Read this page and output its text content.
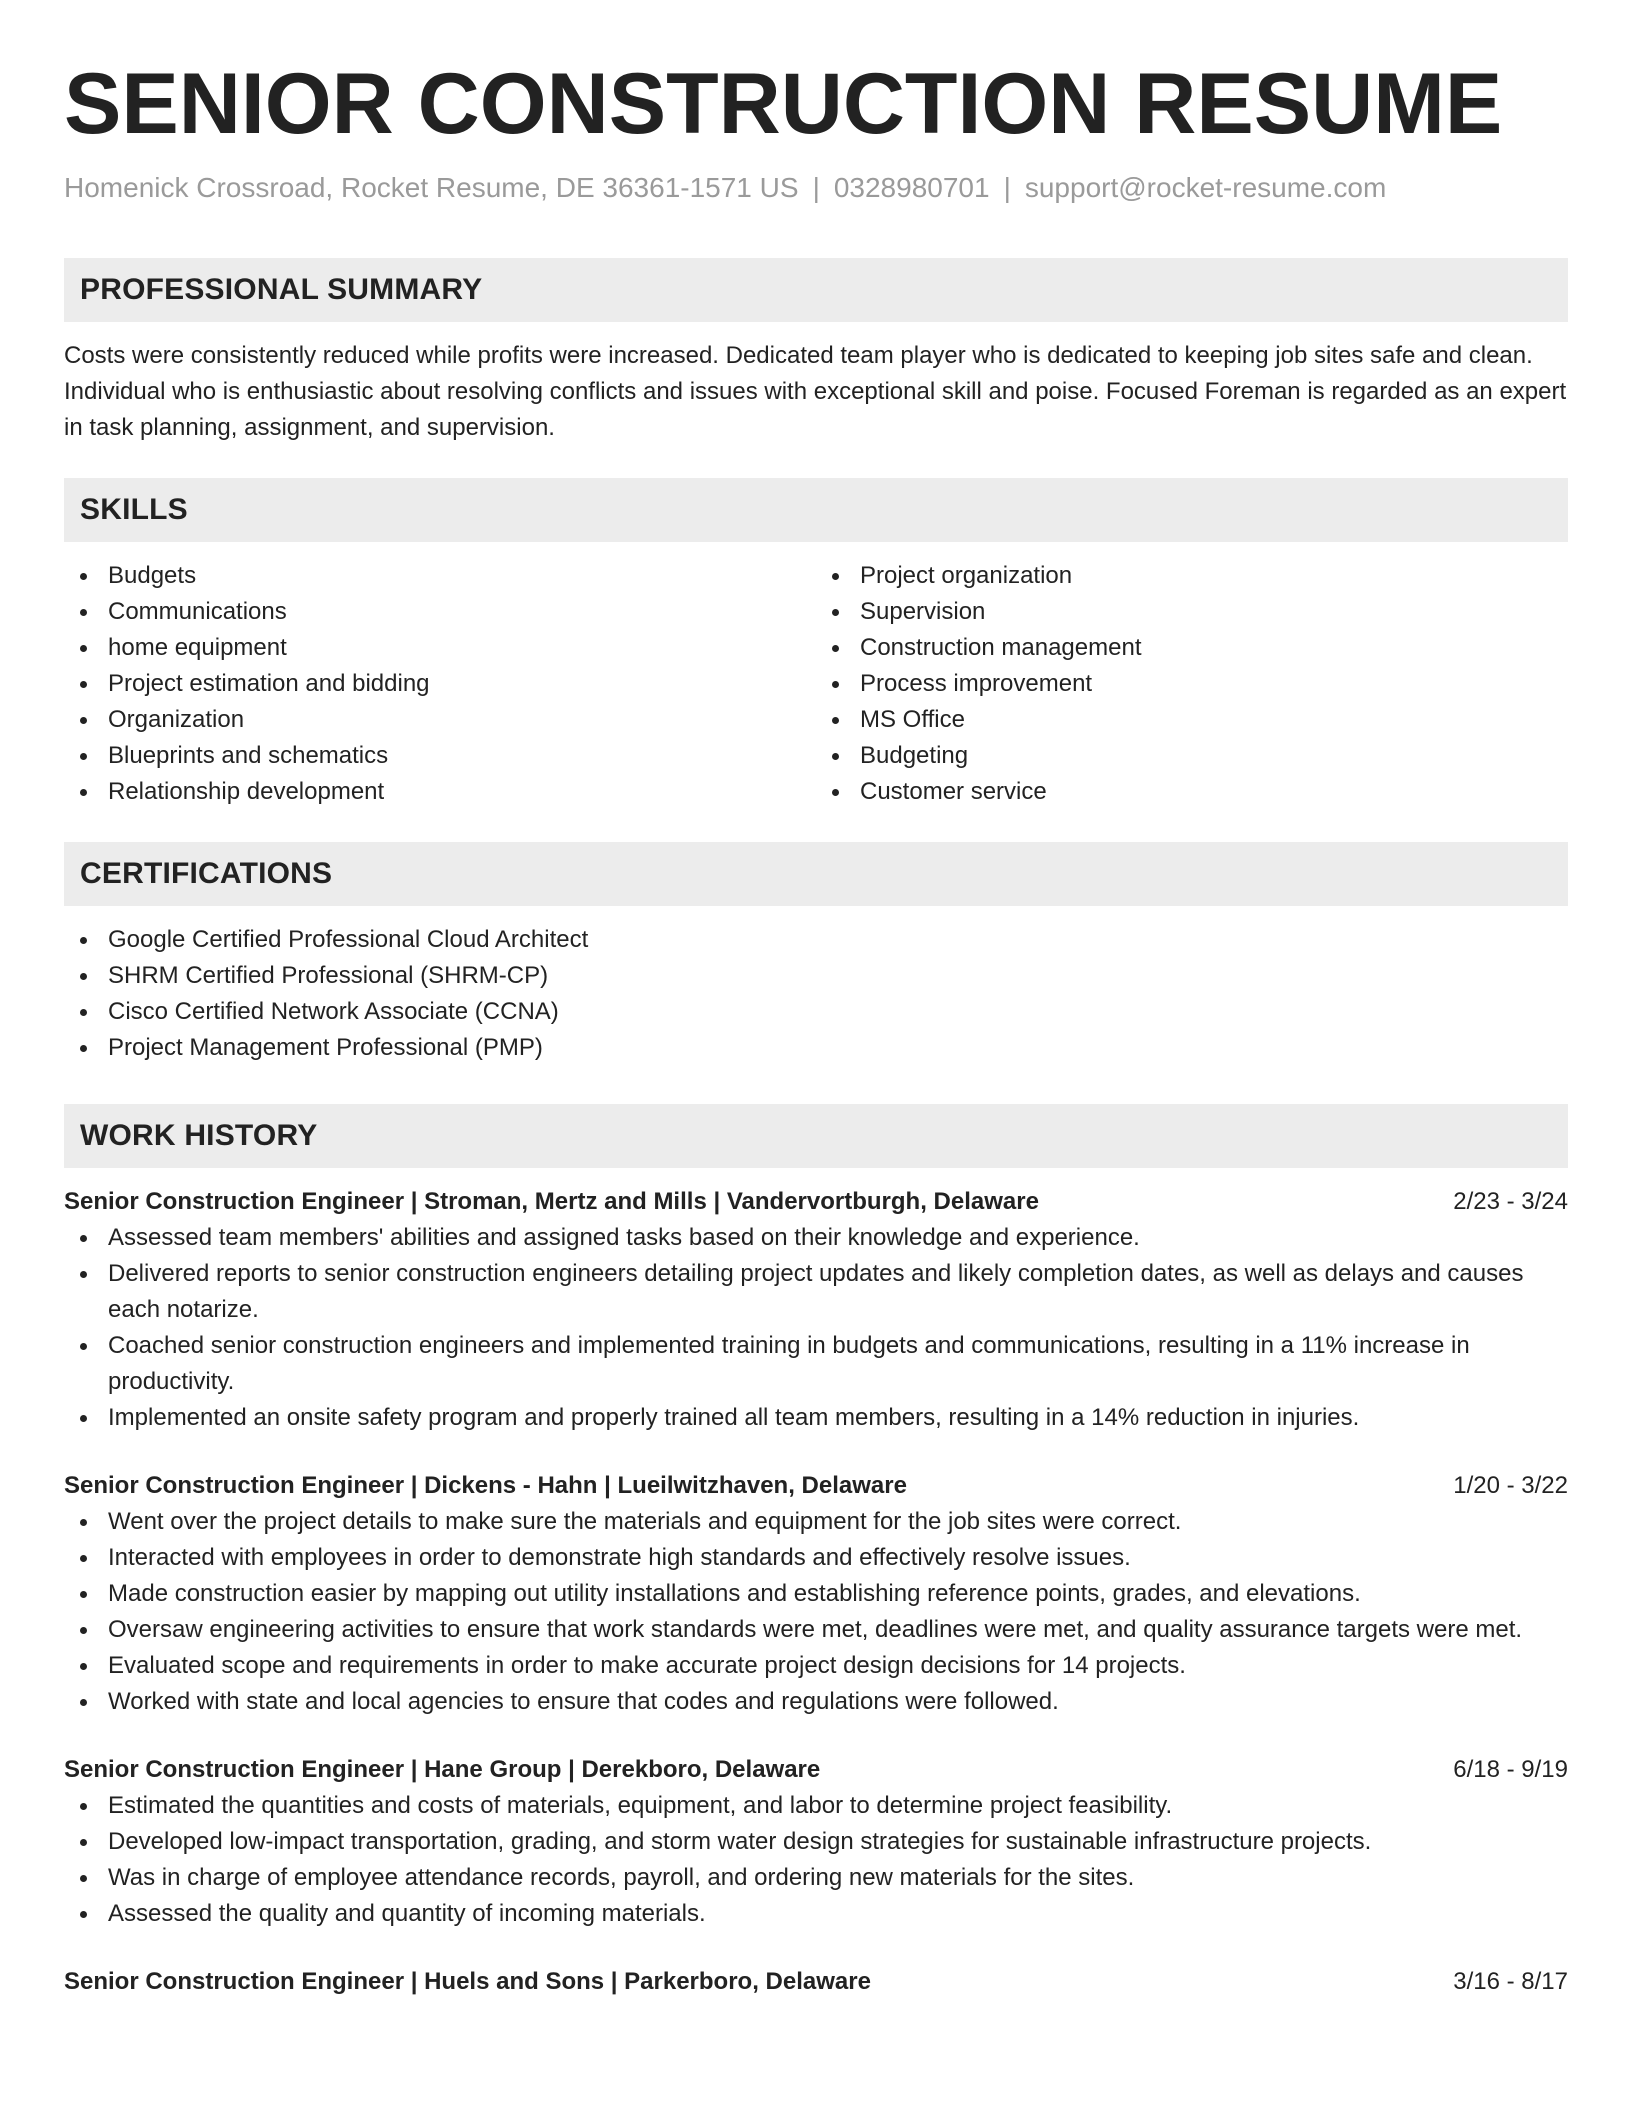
SENIOR CONSTRUCTION RESUME
Homenick Crossroad, Rocket Resume, DE 36361-1571 US | 0328980701 | support@rocket-resume.com
PROFESSIONAL SUMMARY

Costs were consistently reduced while profits were increased. Dedicated team player who is dedicated to keeping job sites safe and clean. Individual who is enthusiastic about resolving conflicts and issues with exceptional skill and poise. Focused Foreman is regarded as an expert in task planning, assignment, and supervision.

SKILLS
Budgets
Communications
home equipment
Project estimation and bidding
Organization
Blueprints and schematics
Relationship development
Project organization
Supervision
Construction management
Process improvement
MS Office
Budgeting
Customer service
CERTIFICATIONS
Google Certified Professional Cloud Architect
SHRM Certified Professional (SHRM-CP)
Cisco Certified Network Associate (CCNA)
Project Management Professional (PMP)
WORK HISTORY
Senior Construction Engineer | Stroman, Mertz and Mills | Vandervortburgh, Delaware	2/23 - 3/24
Assessed team members' abilities and assigned tasks based on their knowledge and experience.
Delivered reports to senior construction engineers detailing project updates and likely completion dates, as well as delays and causes each notarize.
Coached senior construction engineers and implemented training in budgets and communications, resulting in a 11% increase in productivity.
Implemented an onsite safety program and properly trained all team members, resulting in a 14% reduction in injuries.
Senior Construction Engineer | Dickens - Hahn | Lueilwitzhaven, Delaware	1/20 - 3/22
Went over the project details to make sure the materials and equipment for the job sites were correct.
Interacted with employees in order to demonstrate high standards and effectively resolve issues.
Made construction easier by mapping out utility installations and establishing reference points, grades, and elevations.
Oversaw engineering activities to ensure that work standards were met, deadlines were met, and quality assurance targets were met.
Evaluated scope and requirements in order to make accurate project design decisions for 14 projects.
Worked with state and local agencies to ensure that codes and regulations were followed.
Senior Construction Engineer | Hane Group | Derekboro, Delaware	6/18 - 9/19
Estimated the quantities and costs of materials, equipment, and labor to determine project feasibility.
Developed low-impact transportation, grading, and storm water design strategies for sustainable infrastructure projects.
Was in charge of employee attendance records, payroll, and ordering new materials for the sites.
Assessed the quality and quantity of incoming materials.
Senior Construction Engineer | Huels and Sons | Parkerboro, Delaware	3/16 - 8/17
